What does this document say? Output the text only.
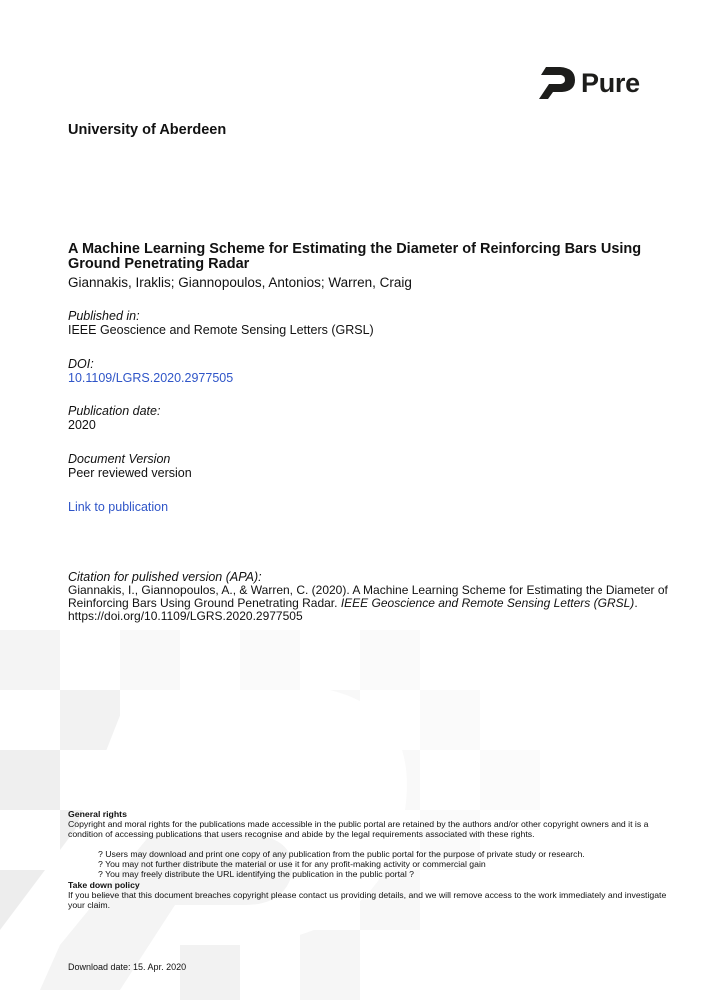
Pure
University of Aberdeen
A Machine Learning Scheme for Estimating the Diameter of Reinforcing Bars Using Ground Penetrating Radar
Giannakis, Iraklis; Giannopoulos, Antonios; Warren, Craig
Published in:
IEEE Geoscience and Remote Sensing Letters (GRSL)
DOI:
10.1109/LGRS.2020.2977505
Publication date:
2020
Document Version
Peer reviewed version
Link to publication
Citation for pulished version (APA):
Giannakis, I., Giannopoulos, A., & Warren, C. (2020). A Machine Learning Scheme for Estimating the Diameter of Reinforcing Bars Using Ground Penetrating Radar. IEEE Geoscience and Remote Sensing Letters (GRSL).
https://doi.org/10.1109/LGRS.2020.2977505
General rights
Copyright and moral rights for the publications made accessible in the public portal are retained by the authors and/or other copyright owners and it is a condition of accessing publications that users recognise and abide by the legal requirements associated with these rights.
? Users may download and print one copy of any publication from the public portal for the purpose of private study or research.
? You may not further distribute the material or use it for any profit-making activity or commercial gain
? You may freely distribute the URL identifying the publication in the public portal ?
Take down policy
If you believe that this document breaches copyright please contact us providing details, and we will remove access to the work immediately and investigate your claim.
Download date: 15. Apr. 2020
